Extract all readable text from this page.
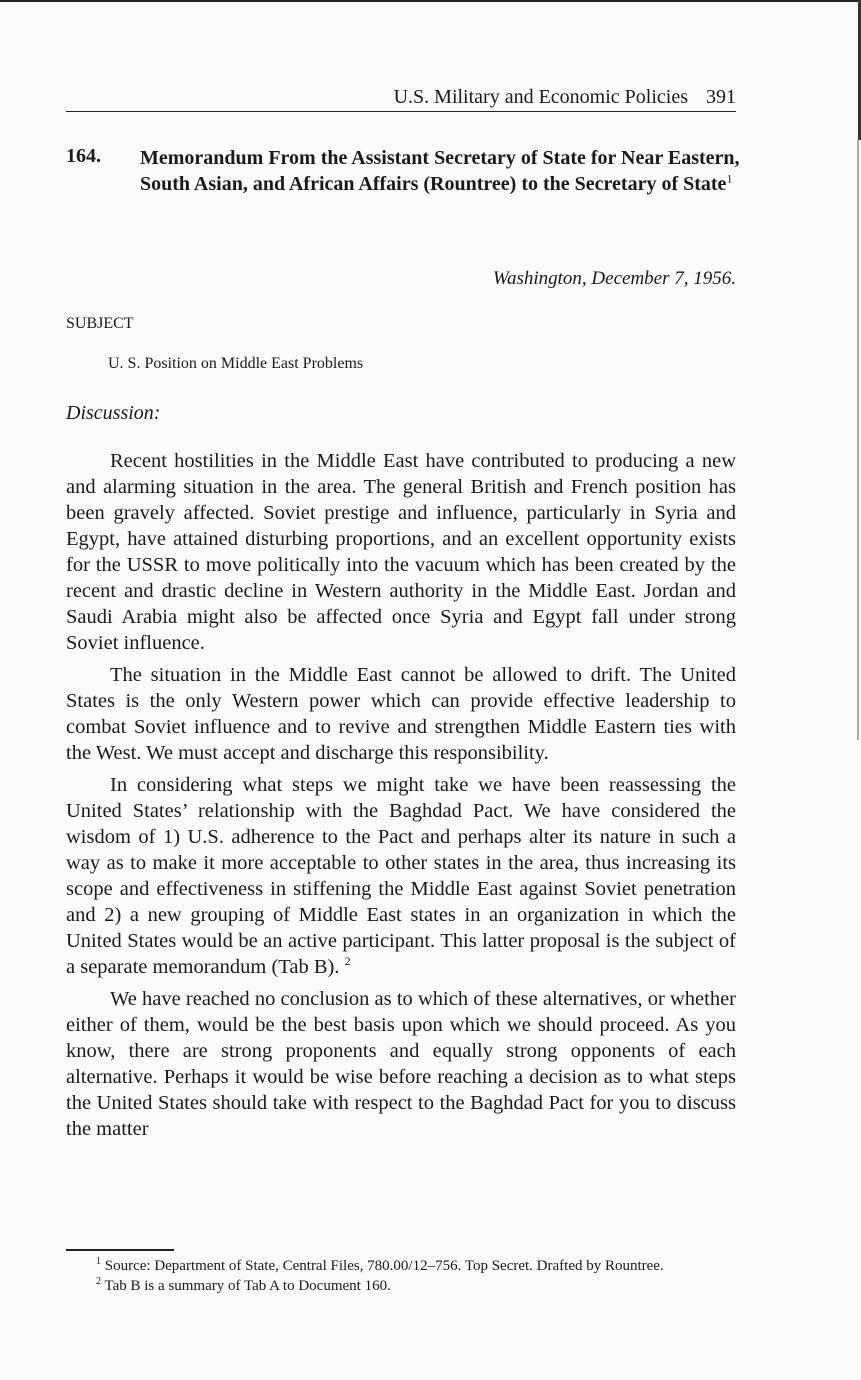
U.S. Military and Economic Policies 391
164. Memorandum From the Assistant Secretary of State for Near Eastern, South Asian, and African Affairs (Rountree) to the Secretary of State$^1$
Washington, December 7, 1956.
SUBJECT
U. S. Position on Middle East Problems
Discussion:

Recent hostilities in the Middle East have contributed to producing a new and alarming situation in the area. The general British and French position has been gravely affected. Soviet prestige and influence, particularly in Syria and Egypt, have attained disturbing proportions, and an excellent opportunity exists for the USSR to move politically into the vacuum which has been created by the recent and drastic decline in Western authority in the Middle East. Jordan and Saudi Arabia might also be affected once Syria and Egypt fall under strong Soviet influence.

The situation in the Middle East cannot be allowed to drift. The United States is the only Western power which can provide effective leadership to combat Soviet influence and to revive and strengthen Middle Eastern ties with the West. We must accept and discharge this responsibility.

In considering what steps we might take we have been reassessing the United States’ relationship with the Baghdad Pact. We have considered the wisdom of 1) U.S. adherence to the Pact and perhaps alter its nature in such a way as to make it more acceptable to other states in the area, thus increasing its scope and effectiveness in stiffening the Middle East against Soviet penetration and 2) a new grouping of Middle East states in an organization in which the United States would be an active participant. This latter proposal is the subject of a separate memorandum (Tab B). $^2$

We have reached no conclusion as to which of these alternatives, or whether either of them, would be the best basis upon which we should proceed. As you know, there are strong proponents and equally strong opponents of each alternative. Perhaps it would be wise before reaching a decision as to what steps the United States should take with respect to the Baghdad Pact for you to discuss the matter

$^1$ Source: Department of State, Central Files, 780.00/12–756. Top Secret. Drafted by Rountree.

$^2$ Tab B is a summary of Tab A to Document 160.
